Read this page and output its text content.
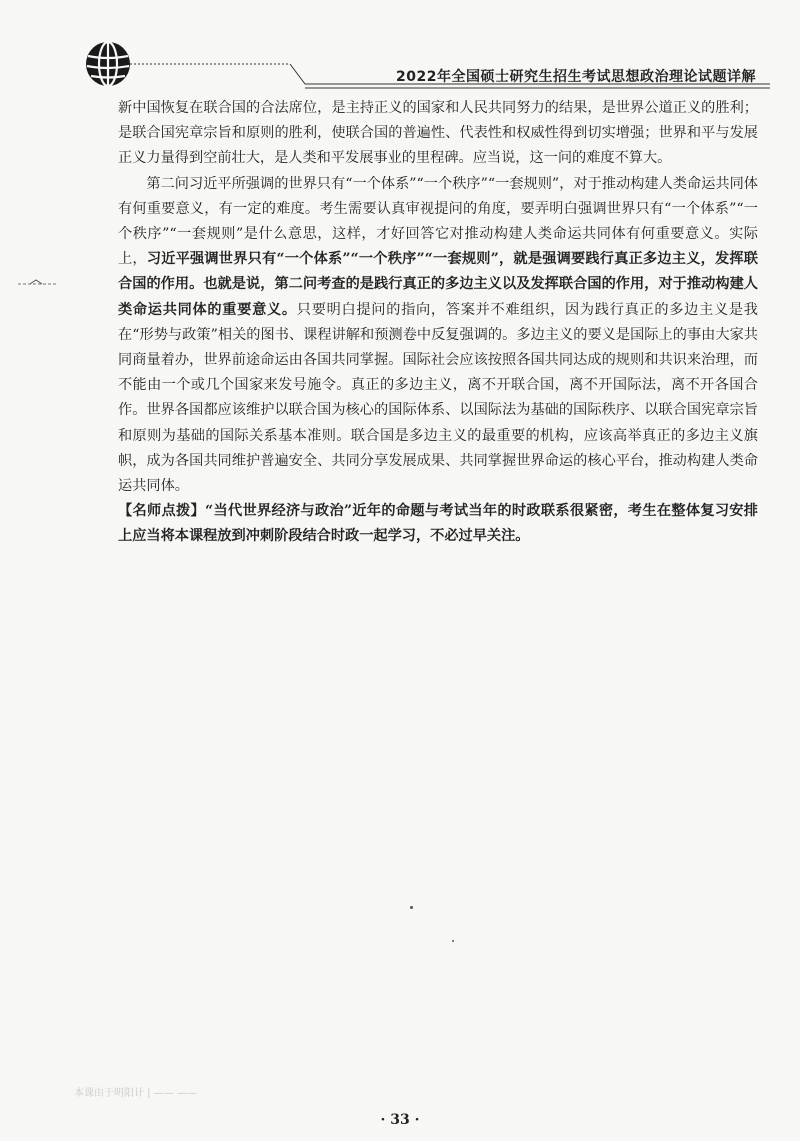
2022年全国硕士研究生招生考试思想政治理论试题详解

新中国恢复在联合国的合法席位，是主持正义的国家和人民共同努力的结果，是世界公道正义的胜利；是联合国宪章宗旨和原则的胜利，使联合国的普遍性、代表性和权威性得到切实增强；世界和平与发展正义力量得到空前壮大，是人类和平发展事业的里程碑。应当说，这一问的难度不算大。

第二问习近平所强调的世界只有“一个体系”“一个秩序”“一套规则”，对于推动构建人类命运共同体有何重要意义，有一定的难度。考生需要认真审视提问的角度，要弄明白强调世界只有“一个体系”“一个秩序”“一套规则”是什么意思，这样，才好回答它对推动构建人类命运共同体有何重要意义。实际上，习近平强调世界只有“一个体系”“一个秩序”“一套规则”，就是强调要践行真正多边主义，发挥联合国的作用。也就是说，第二问考查的是践行真正的多边主义以及发挥联合国的作用，对于推动构建人类命运共同体的重要意义。只要明白提问的指向，答案并不难组织，因为践行真正的多边主义是我在“形势与政策”相关的图书、课程讲解和预测卷中反复强调的。多边主义的要义是国际上的事由大家共同商量着办，世界前途命运由各国共同掌握。国际社会应该按照各国共同达成的规则和共识来治理，而不能由一个或几个国家来发号施令。真正的多边主义，离不开联合国，离不开国际法，离不开各国合作。世界各国都应该维护以联合国为核心的国际体系、以国际法为基础的国际秩序、以联合国宪章宗旨和原则为基础的国际关系基本准则。联合国是多边主义的最重要的机构，应该高举真正的多边主义旗帜，成为各国共同维护普遍安全、共同分享发展成果、共同掌握世界命运的核心平台，推动构建人类命运共同体。

【名师点拨】“当代世界经济与政治”近年的命题与考试当年的时政联系很紧密，考生在整体复习安排上应当将本课程放到冲刺阶段结合时政一起学习，不必过早关注。

本课由于明阳计 | —— ——
· 33 ·
